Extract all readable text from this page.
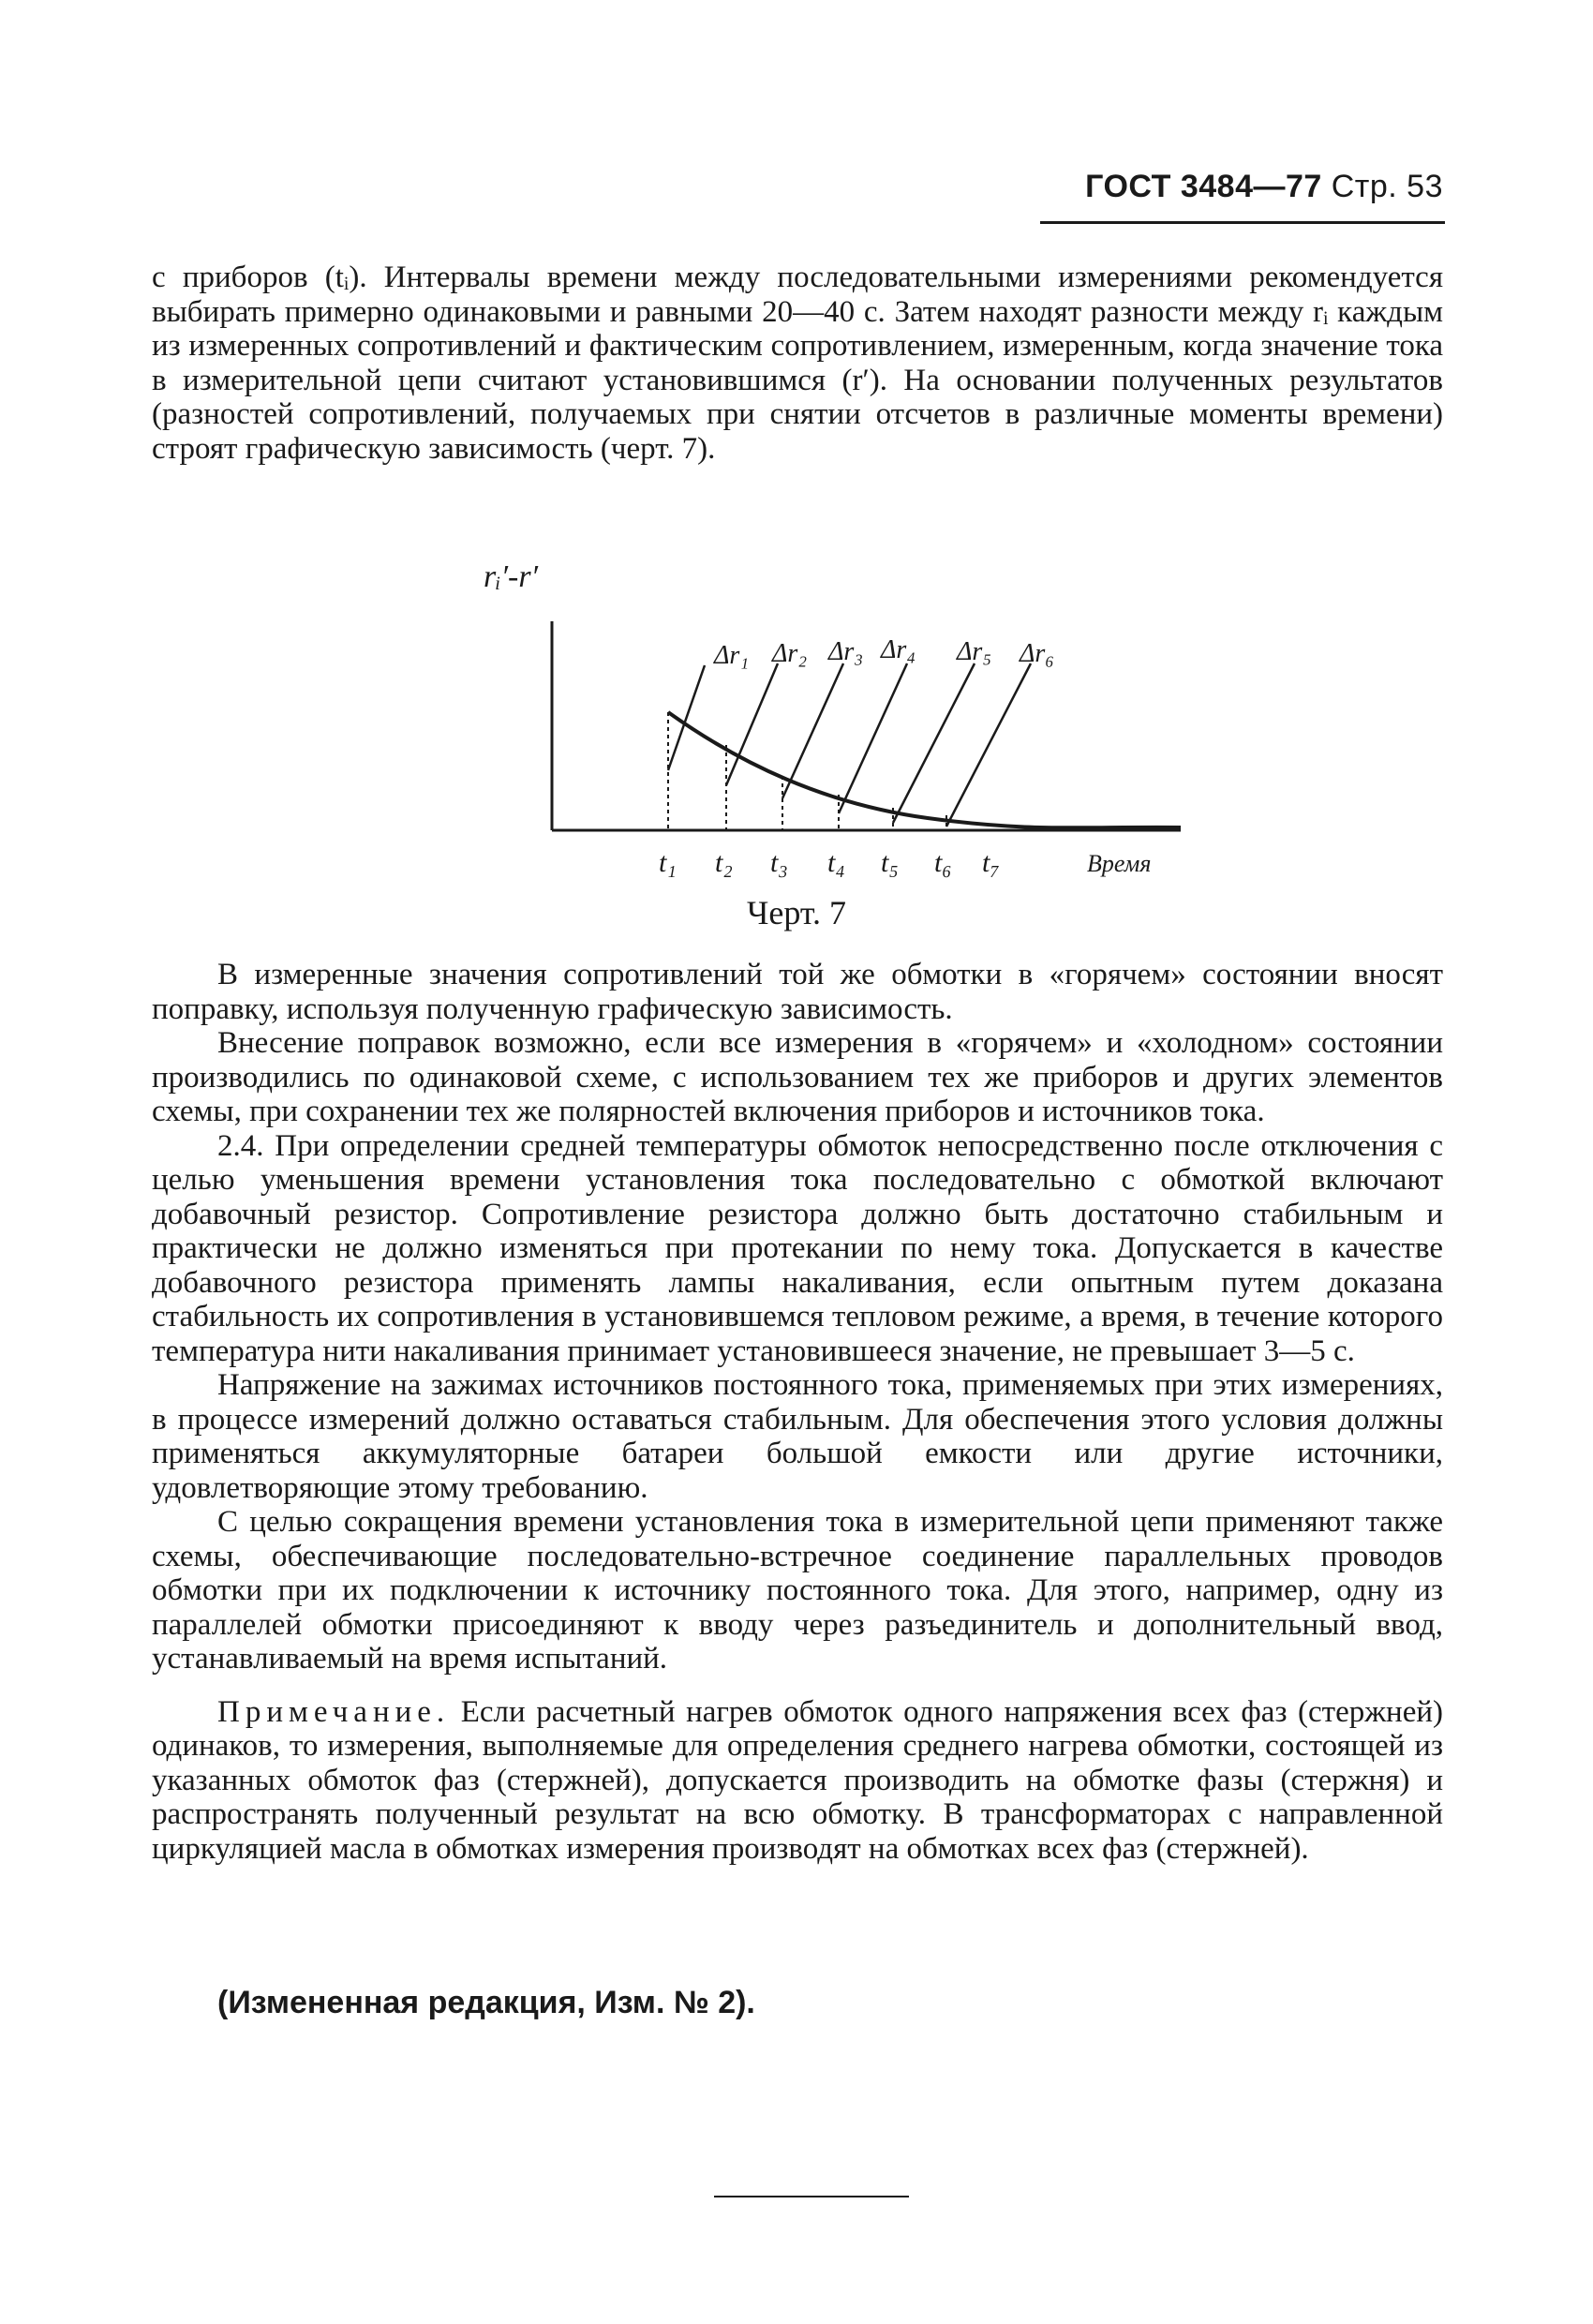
ГОСТ 3484—77 Стр. 53

с приборов (tᵢ). Интервалы времени между последовательными измерениями рекомендуется выбирать примерно одинаковыми и равными 20—40 с. Затем находят разности между rᵢ каждым из измеренных сопротивлений и фактическим сопротивлением, измеренным, когда значение тока в измерительной цепи считают установившимся (r′). На основании полученных результатов (разностей сопротивлений, получаемых при снятии отсчетов в различные моменты времени) строят графическую зависимость (черт. 7).

rᵢ′-r′
Δr₁ Δr₂ Δr₃ Δr₄ Δr₅ Δr₆
t₁ t₂ t₃ t₄ t₅ t₆ t₇	Время
Черт. 7

В измеренные значения сопротивлений той же обмотки в «горячем» состоянии вносят поправку, используя полученную графическую зависимость.

Внесение поправок возможно, если все измерения в «горячем» и «холодном» состоянии производились по одинаковой схеме, с использованием тех же приборов и других элементов схемы, при сохранении тех же полярностей включения приборов и источников тока.

2.4. При определении средней температуры обмоток непосредственно после отключения с целью уменьшения времени установления тока последовательно с обмоткой включают добавочный резистор. Сопротивление резистора должно быть достаточно стабильным и практически не должно изменяться при протекании по нему тока. Допускается в качестве добавочного резистора применять лампы накаливания, если опытным путем доказана стабильность их сопротивления в установившемся тепловом режиме, а время, в течение которого температура нити накаливания принимает установившееся значение, не превышает 3—5 с.

Напряжение на зажимах источников постоянного тока, применяемых при этих измерениях, в процессе измерений должно оставаться стабильным. Для обеспечения этого условия должны применяться аккумуляторные батареи большой емкости или другие источники, удовлетворяющие этому требованию.

С целью сокращения времени установления тока в измерительной цепи применяют также схемы, обеспечивающие последовательно-встречное соединение параллельных проводов обмотки при их подключении к источнику постоянного тока. Для этого, например, одну из параллелей обмотки присоединяют к вводу через разъединитель и дополнительный ввод, устанавливаемый на время испытаний.

Примечание. Если расчетный нагрев обмоток одного напряжения всех фаз (стержней) одинаков, то измерения, выполняемые для определения среднего нагрева обмотки, состоящей из указанных обмоток фаз (стержней), допускается производить на обмотке фазы (стержня) и распространять полученный результат на всю обмотку. В трансформаторах с направленной циркуляцией масла в обмотках измерения производят на обмотках всех фаз (стержней).

(Измененная редакция, Изм. № 2).
